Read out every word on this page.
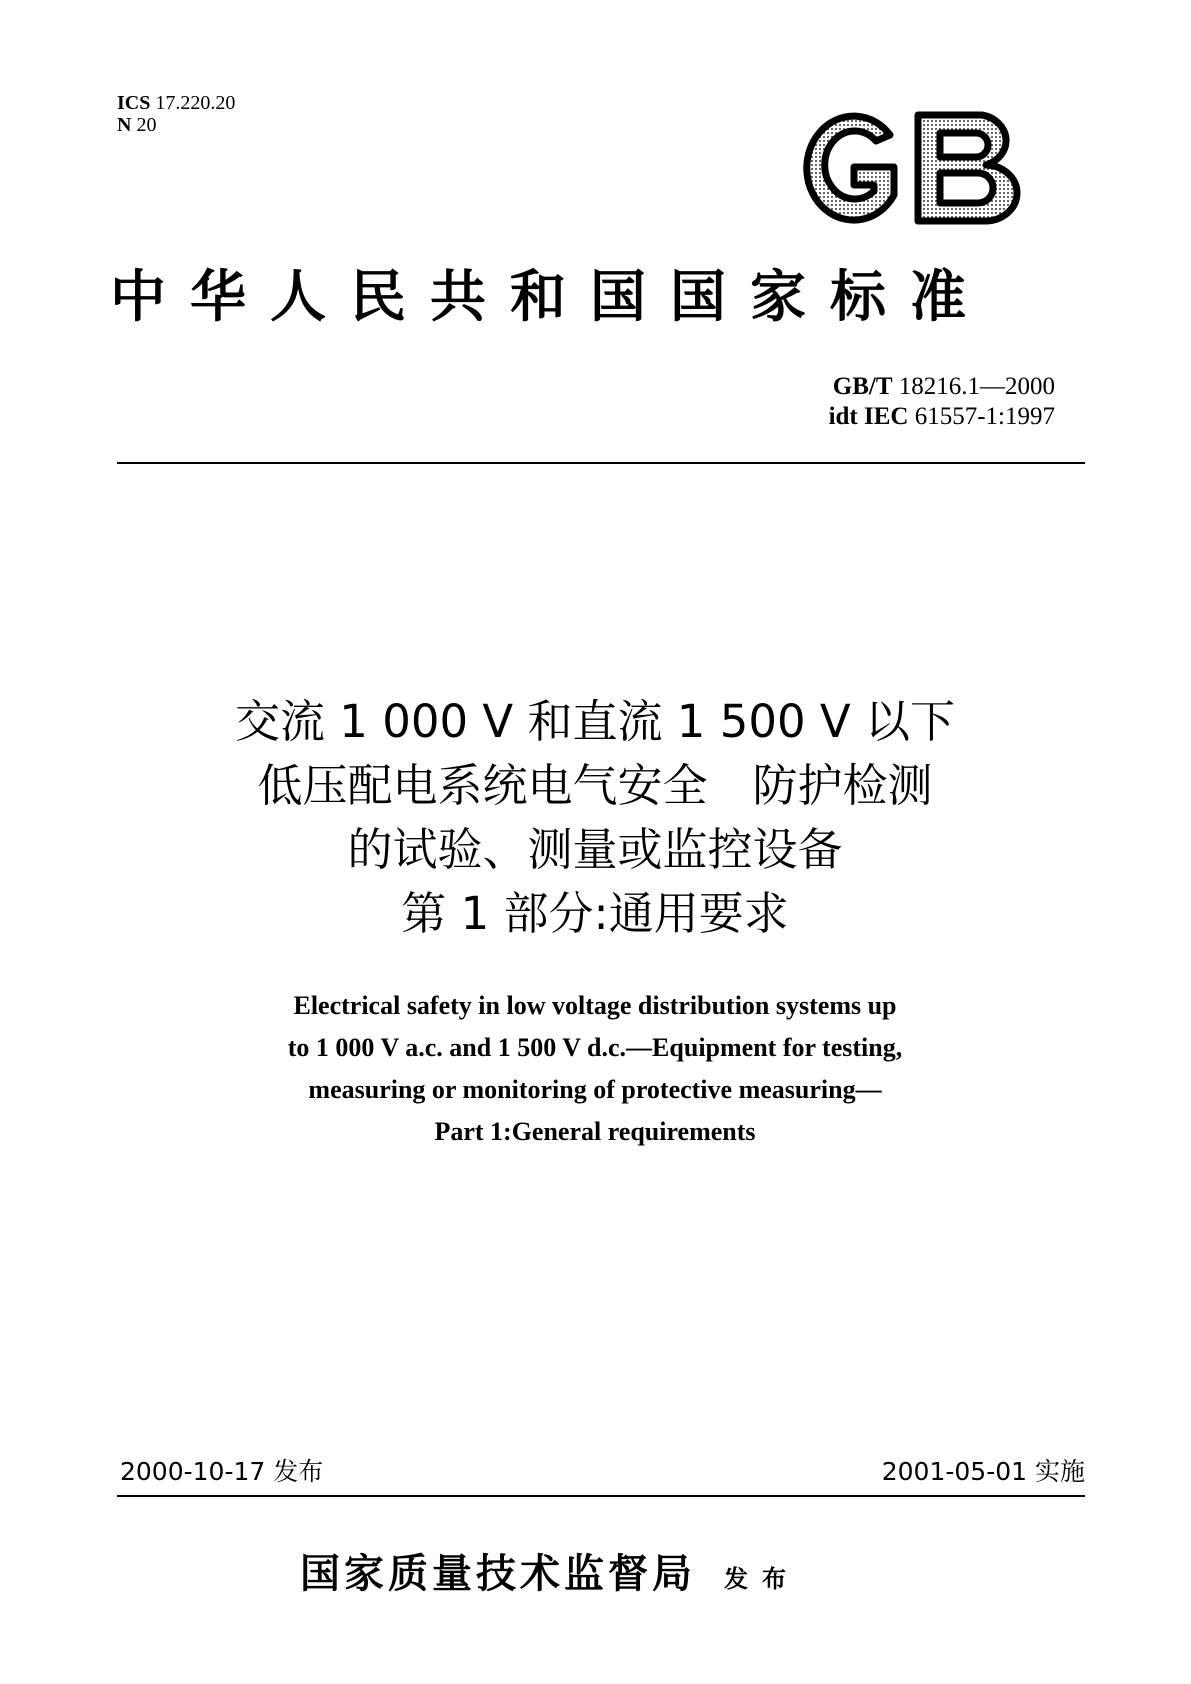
ICS 17.220.20
N 20
中华人民共和国国家标准
GB/T 18216.1—2000
idt IEC 61557-1:1997
交流 1 000 V 和直流 1 500 V 以下
低压配电系统电气安全　防护检测
的试验、测量或监控设备
第 1 部分:通用要求
Electrical safety in low voltage distribution systems up
to 1 000 V a.c. and 1 500 V d.c.—Equipment for testing,
measuring or monitoring of protective measuring—
Part 1:General requirements
2000-10-17 发布	2001-05-01 实施
国家质量技术监督局 发布
